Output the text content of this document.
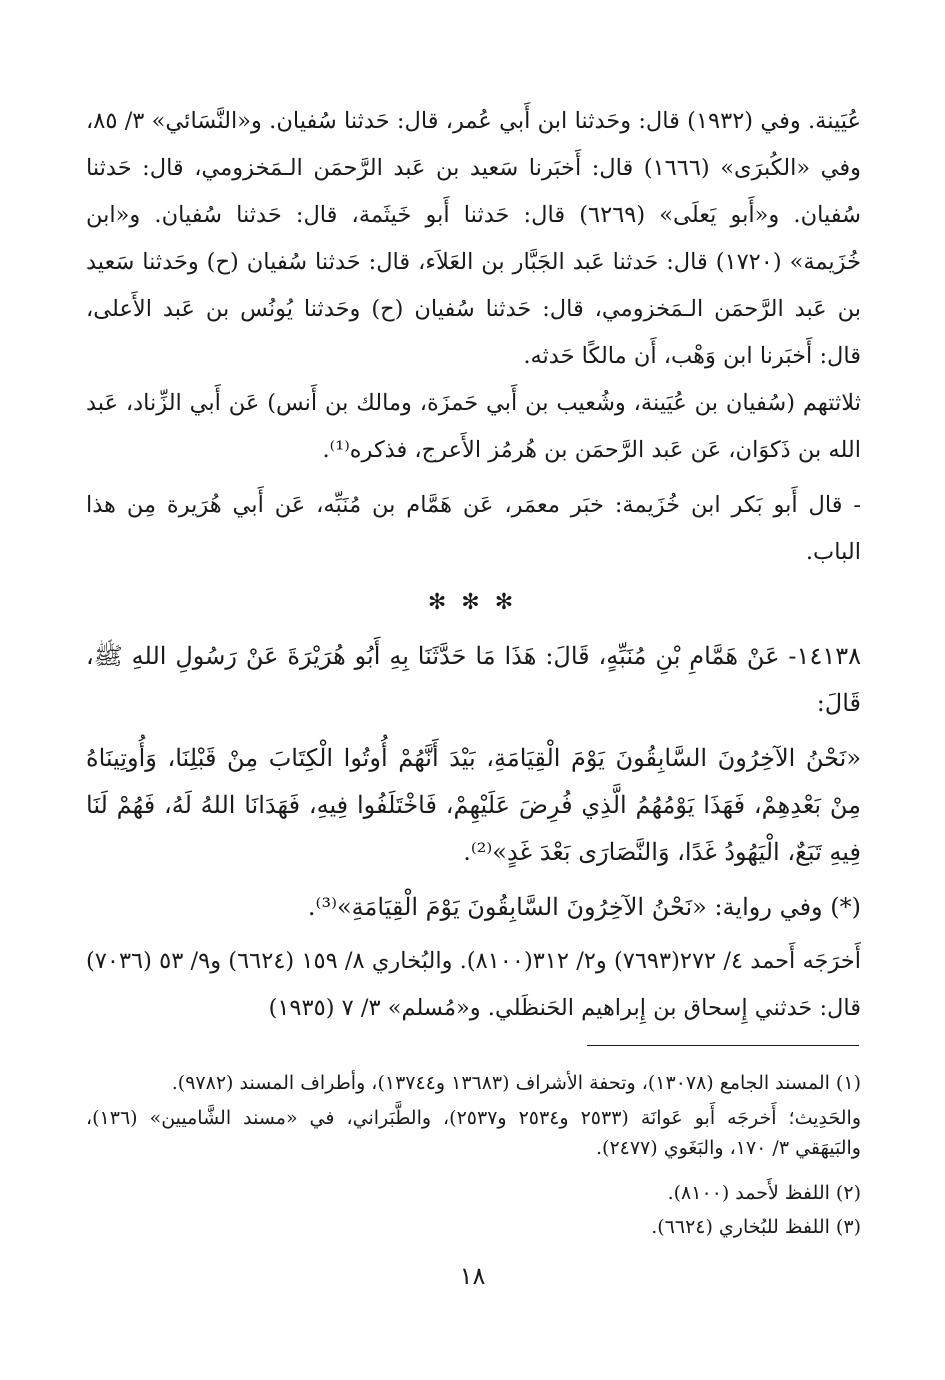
عُيَينة. وفي (١٩٣٢) قال: وحَدثنا ابن أَبي عُمر، قال: حَدثنا سُفيان. و«النَّسَائي» ٣/ ٨٥، وفي «الكُبرَى» (١٦٦٦) قال: أَخبَرنا سَعيد بن عَبد الرَّحمَن الـمَخزومي، قال: حَدثنا سُفيان. و«أَبو يَعلَى» (٦٢٦٩) قال: حَدثنا أَبو خَيثَمة، قال: حَدثنا سُفيان. و«ابن خُزَيمة» (١٧٢٠) قال: حَدثنا عَبد الجَبَّار بن العَلاَء، قال: حَدثنا سُفيان (ح) وحَدثنا سَعيد بن عَبد الرَّحمَن الـمَخزومي، قال: حَدثنا سُفيان (ح) وحَدثنا يُونُس بن عَبد الأَعلى، قال: أَخبَرنا ابن وَهْب، أَن مالكًا حَدثه.

ثلاثتهم (سُفيان بن عُيَينة، وشُعيب بن أَبي حَمزَة، ومالك بن أَنس) عَن أَبي الزِّناد، عَبد الله بن ذَكوَان، عَن عَبد الرَّحمَن بن هُرمُز الأَعرج، فذكره⁽¹⁾.

- قال أَبو بَكر ابن خُزَيمة: خبَر معمَر، عَن هَمَّام بن مُنَبِّه، عَن أَبي هُرَيرة مِن هذا الباب.

✻ ✻ ✻

١٤١٣٨- عَنْ هَمَّامِ بْنِ مُنَبِّهٍ، قَالَ: هَذَا مَا حَدَّثَنَا بِهِ أَبُو هُرَيْرَةَ عَنْ رَسُولِ اللهِ ﷺ، قَالَ:

«نَحْنُ الآخِرُونَ السَّابِقُونَ يَوْمَ الْقِيَامَةِ، بَيْدَ أَنَّهُمْ أُوتُوا الْكِتَابَ مِنْ قَبْلِنَا، وَأُوتِينَاهُ مِنْ بَعْدِهِمْ، فَهَذَا يَوْمُهُمُ الَّذِي فُرِضَ عَلَيْهِمْ، فَاخْتَلَفُوا فِيهِ، فَهَدَانَا اللهُ لَهُ، فَهُمْ لَنَا فِيهِ تَبَعٌ، الْيَهُودُ غَدًا، وَالنَّصَارَى بَعْدَ غَدٍ»⁽²⁾.

(*) وفي رواية: «نَحْنُ الآخِرُونَ السَّابِقُونَ يَوْمَ الْقِيَامَةِ»⁽³⁾.

أَخرَجَه أَحمد ٤/ ٢٧٢(٧٦٩٣) و٢/ ٣١٢(٨١٠٠). والبُخاري ٨/ ١٥٩ (٦٦٢٤) و٩/ ٥٣ (٧٠٣٦) قال: حَدثني إِسحاق بن إِبراهيم الحَنظَلي. و«مُسلم» ٣/ ٧ (١٩٣٥)

(١) المسند الجامع (١٣٠٧٨)، وتحفة الأشراف (١٣٦٨٣ و١٣٧٤٤)، وأطراف المسند (٩٧٨٢).

والحَدِيث؛ أَخرجَه أَبو عَوانَة (٢٥٣٣ و٢٥٣٤ و٢٥٣٧)، والطَّبَراني، في «مسند الشَّاميين» (١٣٦)، والبَيهَقي ٣/ ١٧٠، والبَغَوي (٢٤٧٧).

(٢) اللفظ لأَحمد (٨١٠٠).

(٣) اللفظ للبُخاري (٦٦٢٤).

١٨
